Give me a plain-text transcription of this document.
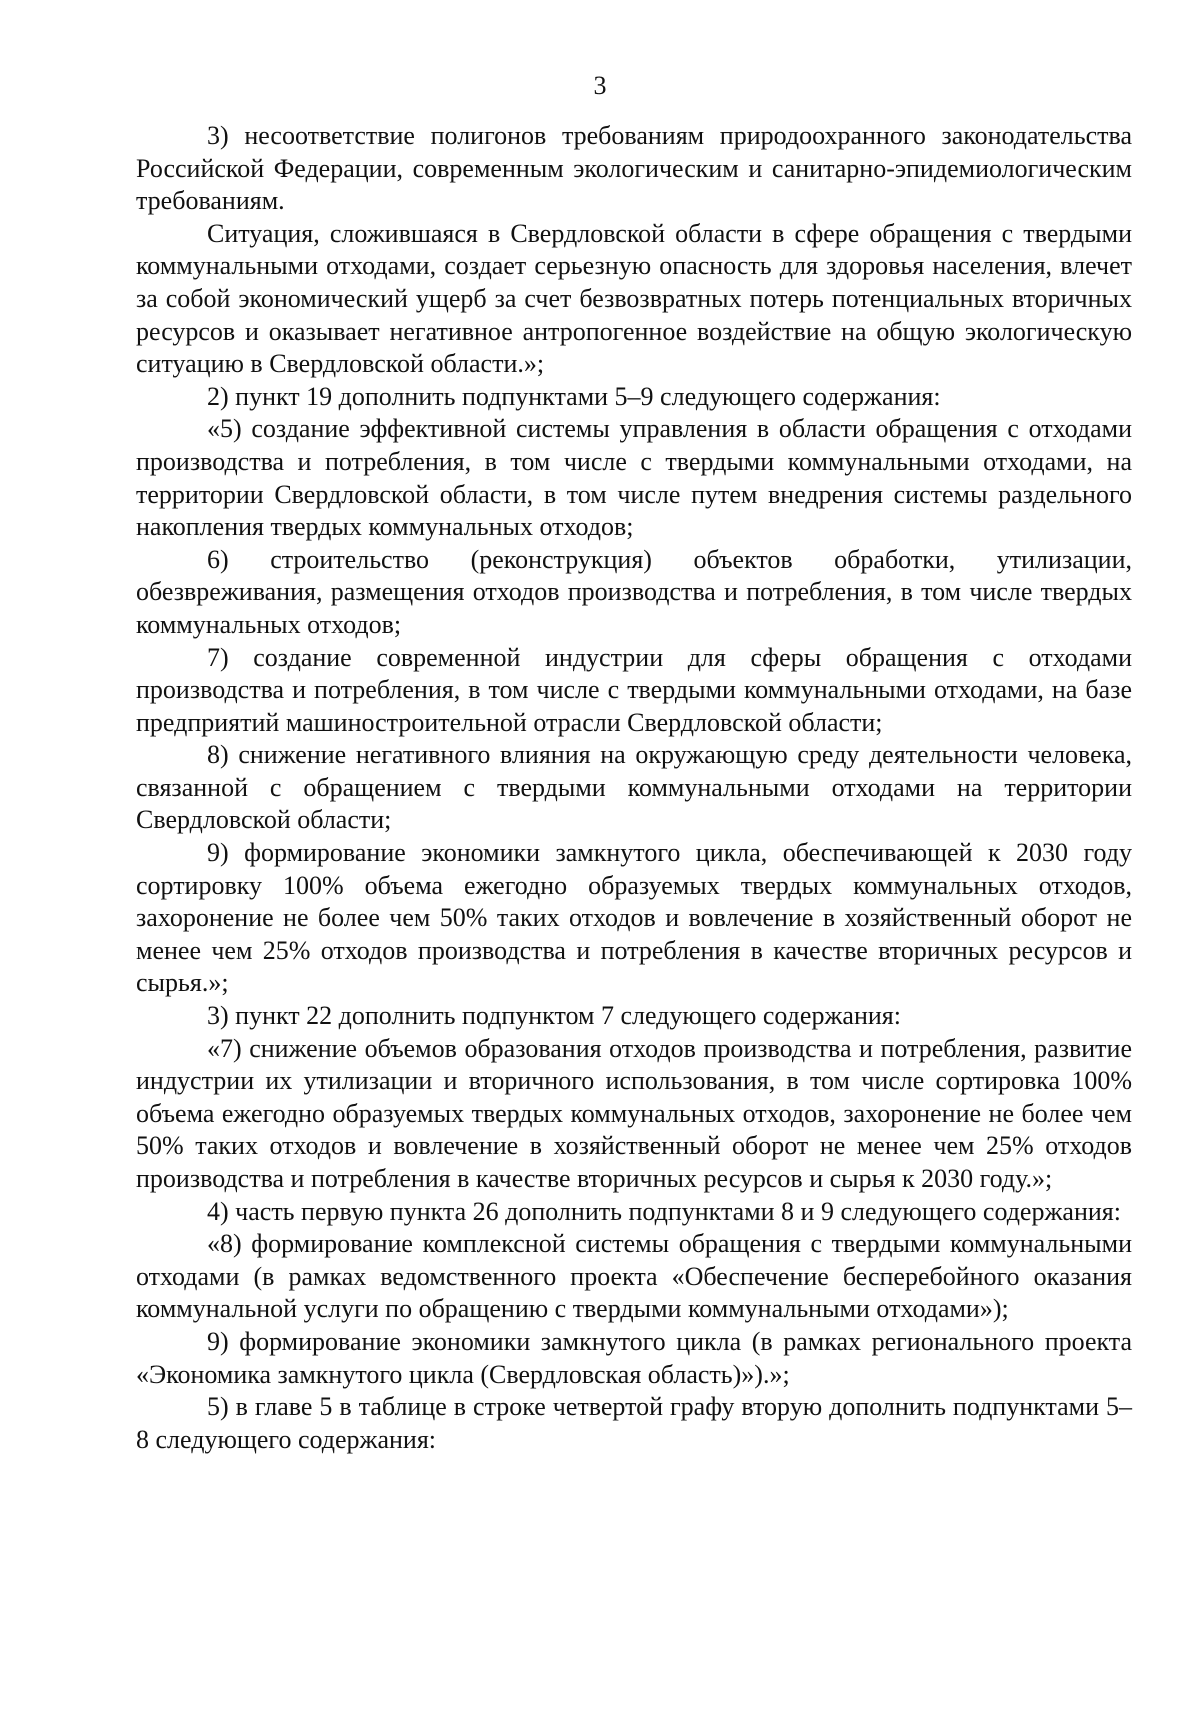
3

3) несоответствие полигонов требованиям природоохранного законодательства Российской Федерации, современным экологическим и санитарно-эпидемиологическим требованиям.

Ситуация, сложившаяся в Свердловской области в сфере обращения с твердыми коммунальными отходами, создает серьезную опасность для здоровья населения, влечет за собой экономический ущерб за счет безвозвратных потерь потенциальных вторичных ресурсов и оказывает негативное антропогенное воздействие на общую экологическую ситуацию в Свердловской области.»;

2) пункт 19 дополнить подпунктами 5–9 следующего содержания:

«5) создание эффективной системы управления в области обращения с отходами производства и потребления, в том числе с твердыми коммунальными отходами, на территории Свердловской области, в том числе путем внедрения системы раздельного накопления твердых коммунальных отходов;

6) строительство (реконструкция) объектов обработки, утилизации, обезвреживания, размещения отходов производства и потребления, в том числе твердых коммунальных отходов;

7) создание современной индустрии для сферы обращения с отходами производства и потребления, в том числе с твердыми коммунальными отходами, на базе предприятий машиностроительной отрасли Свердловской области;

8) снижение негативного влияния на окружающую среду деятельности человека, связанной с обращением с твердыми коммунальными отходами на территории Свердловской области;

9) формирование экономики замкнутого цикла, обеспечивающей к 2030 году сортировку 100% объема ежегодно образуемых твердых коммунальных отходов, захоронение не более чем 50% таких отходов и вовлечение в хозяйственный оборот не менее чем 25% отходов производства и потребления в качестве вторичных ресурсов и сырья.»;

3) пункт 22 дополнить подпунктом 7 следующего содержания:

«7) снижение объемов образования отходов производства и потребления, развитие индустрии их утилизации и вторичного использования, в том числе сортировка 100% объема ежегодно образуемых твердых коммунальных отходов, захоронение не более чем 50% таких отходов и вовлечение в хозяйственный оборот не менее чем 25% отходов производства и потребления в качестве вторичных ресурсов и сырья к 2030 году.»;

4) часть первую пункта 26 дополнить подпунктами 8 и 9 следующего содержания:

«8) формирование комплексной системы обращения с твердыми коммунальными отходами (в рамках ведомственного проекта «Обеспечение бесперебойного оказания коммунальной услуги по обращению с твердыми коммунальными отходами»);

9) формирование экономики замкнутого цикла (в рамках регионального проекта «Экономика замкнутого цикла (Свердловская область)»).»;

5) в главе 5 в таблице в строке четвертой графу вторую дополнить подпунктами 5–8 следующего содержания:
